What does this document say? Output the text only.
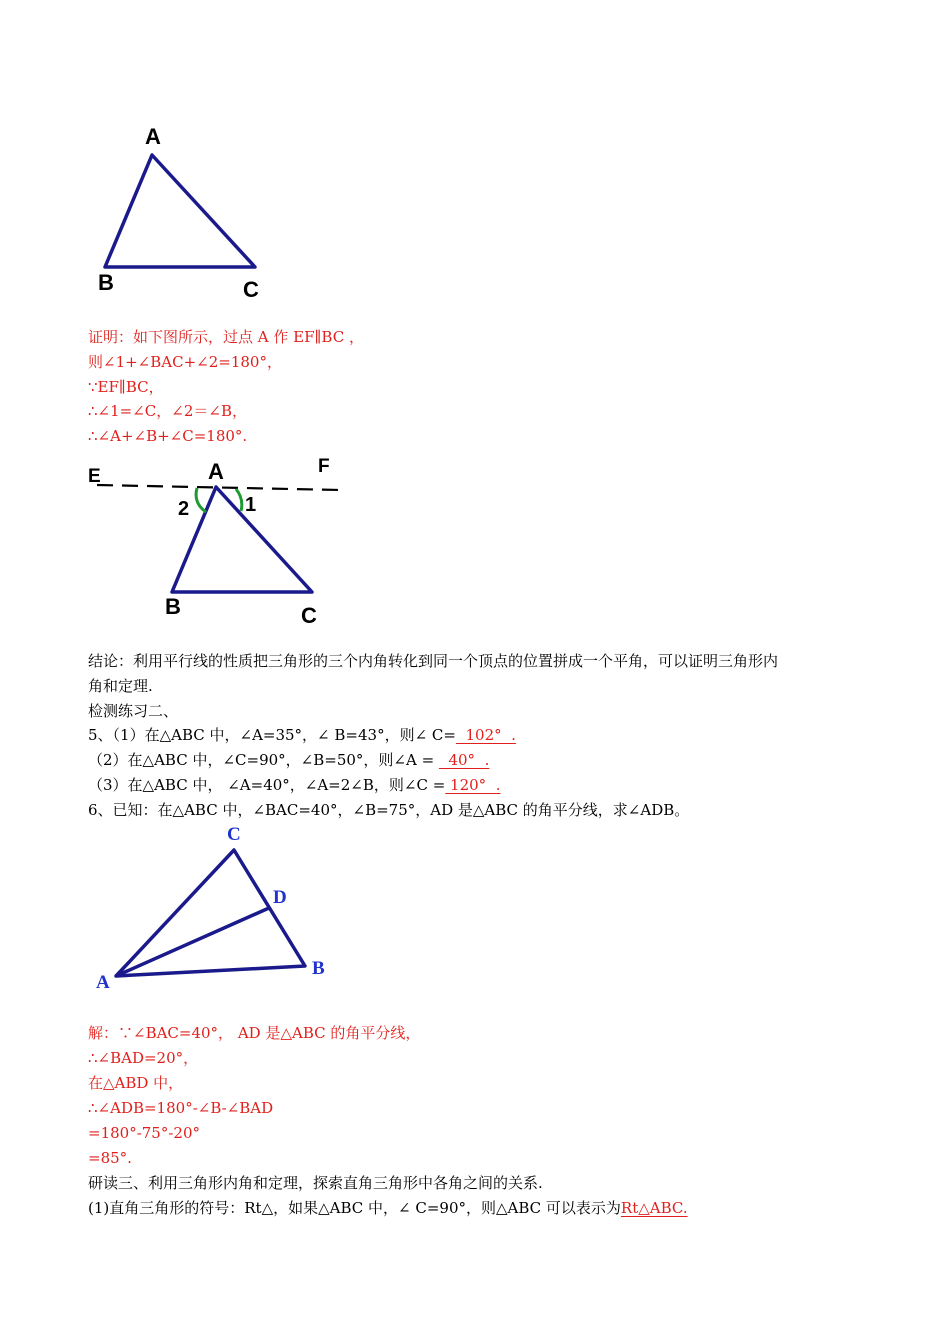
A
B	C
证明：如下图所示，过点 A 作 EF∥BC ，
则∠1+∠BAC+∠2=180°，
∵EF∥BC，
∴∠1=∠C，∠2＝∠B，
∴∠A+∠B+∠C=180°.
E	F
A
2	1
B	C
结论：利用平行线的性质把三角形的三个内角转化到同一个顶点的位置拼成一个平角，可以证明三角形内
角和定理.
检测练习二、
5、（1）在△ABC 中，∠A=35°，∠ B=43°，则∠ C=  102°  .
（2）在△ABC 中，∠C=90°，∠B=50°，则∠A =   40°  .
（3）在△ABC 中， ∠A=40°，∠A=2∠B，则∠C = 120°  .
6、已知：在△ABC 中，∠BAC=40°，∠B=75°，AD 是△ABC 的角平分线，求∠ADB。
C
D
B
A
解：∵∠BAC=40°， AD 是△ABC 的角平分线，
∴∠BAD=20°，
在△ABD 中，
∴∠ADB=180°-∠B-∠BAD
=180°-75°-20°
=85°.
研读三、利用三角形内角和定理，探索直角三角形中各角之间的关系.
(1)直角三角形的符号：Rt△，如果△ABC 中，∠ C=90°，则△ABC 可以表示为Rt△ABC.
